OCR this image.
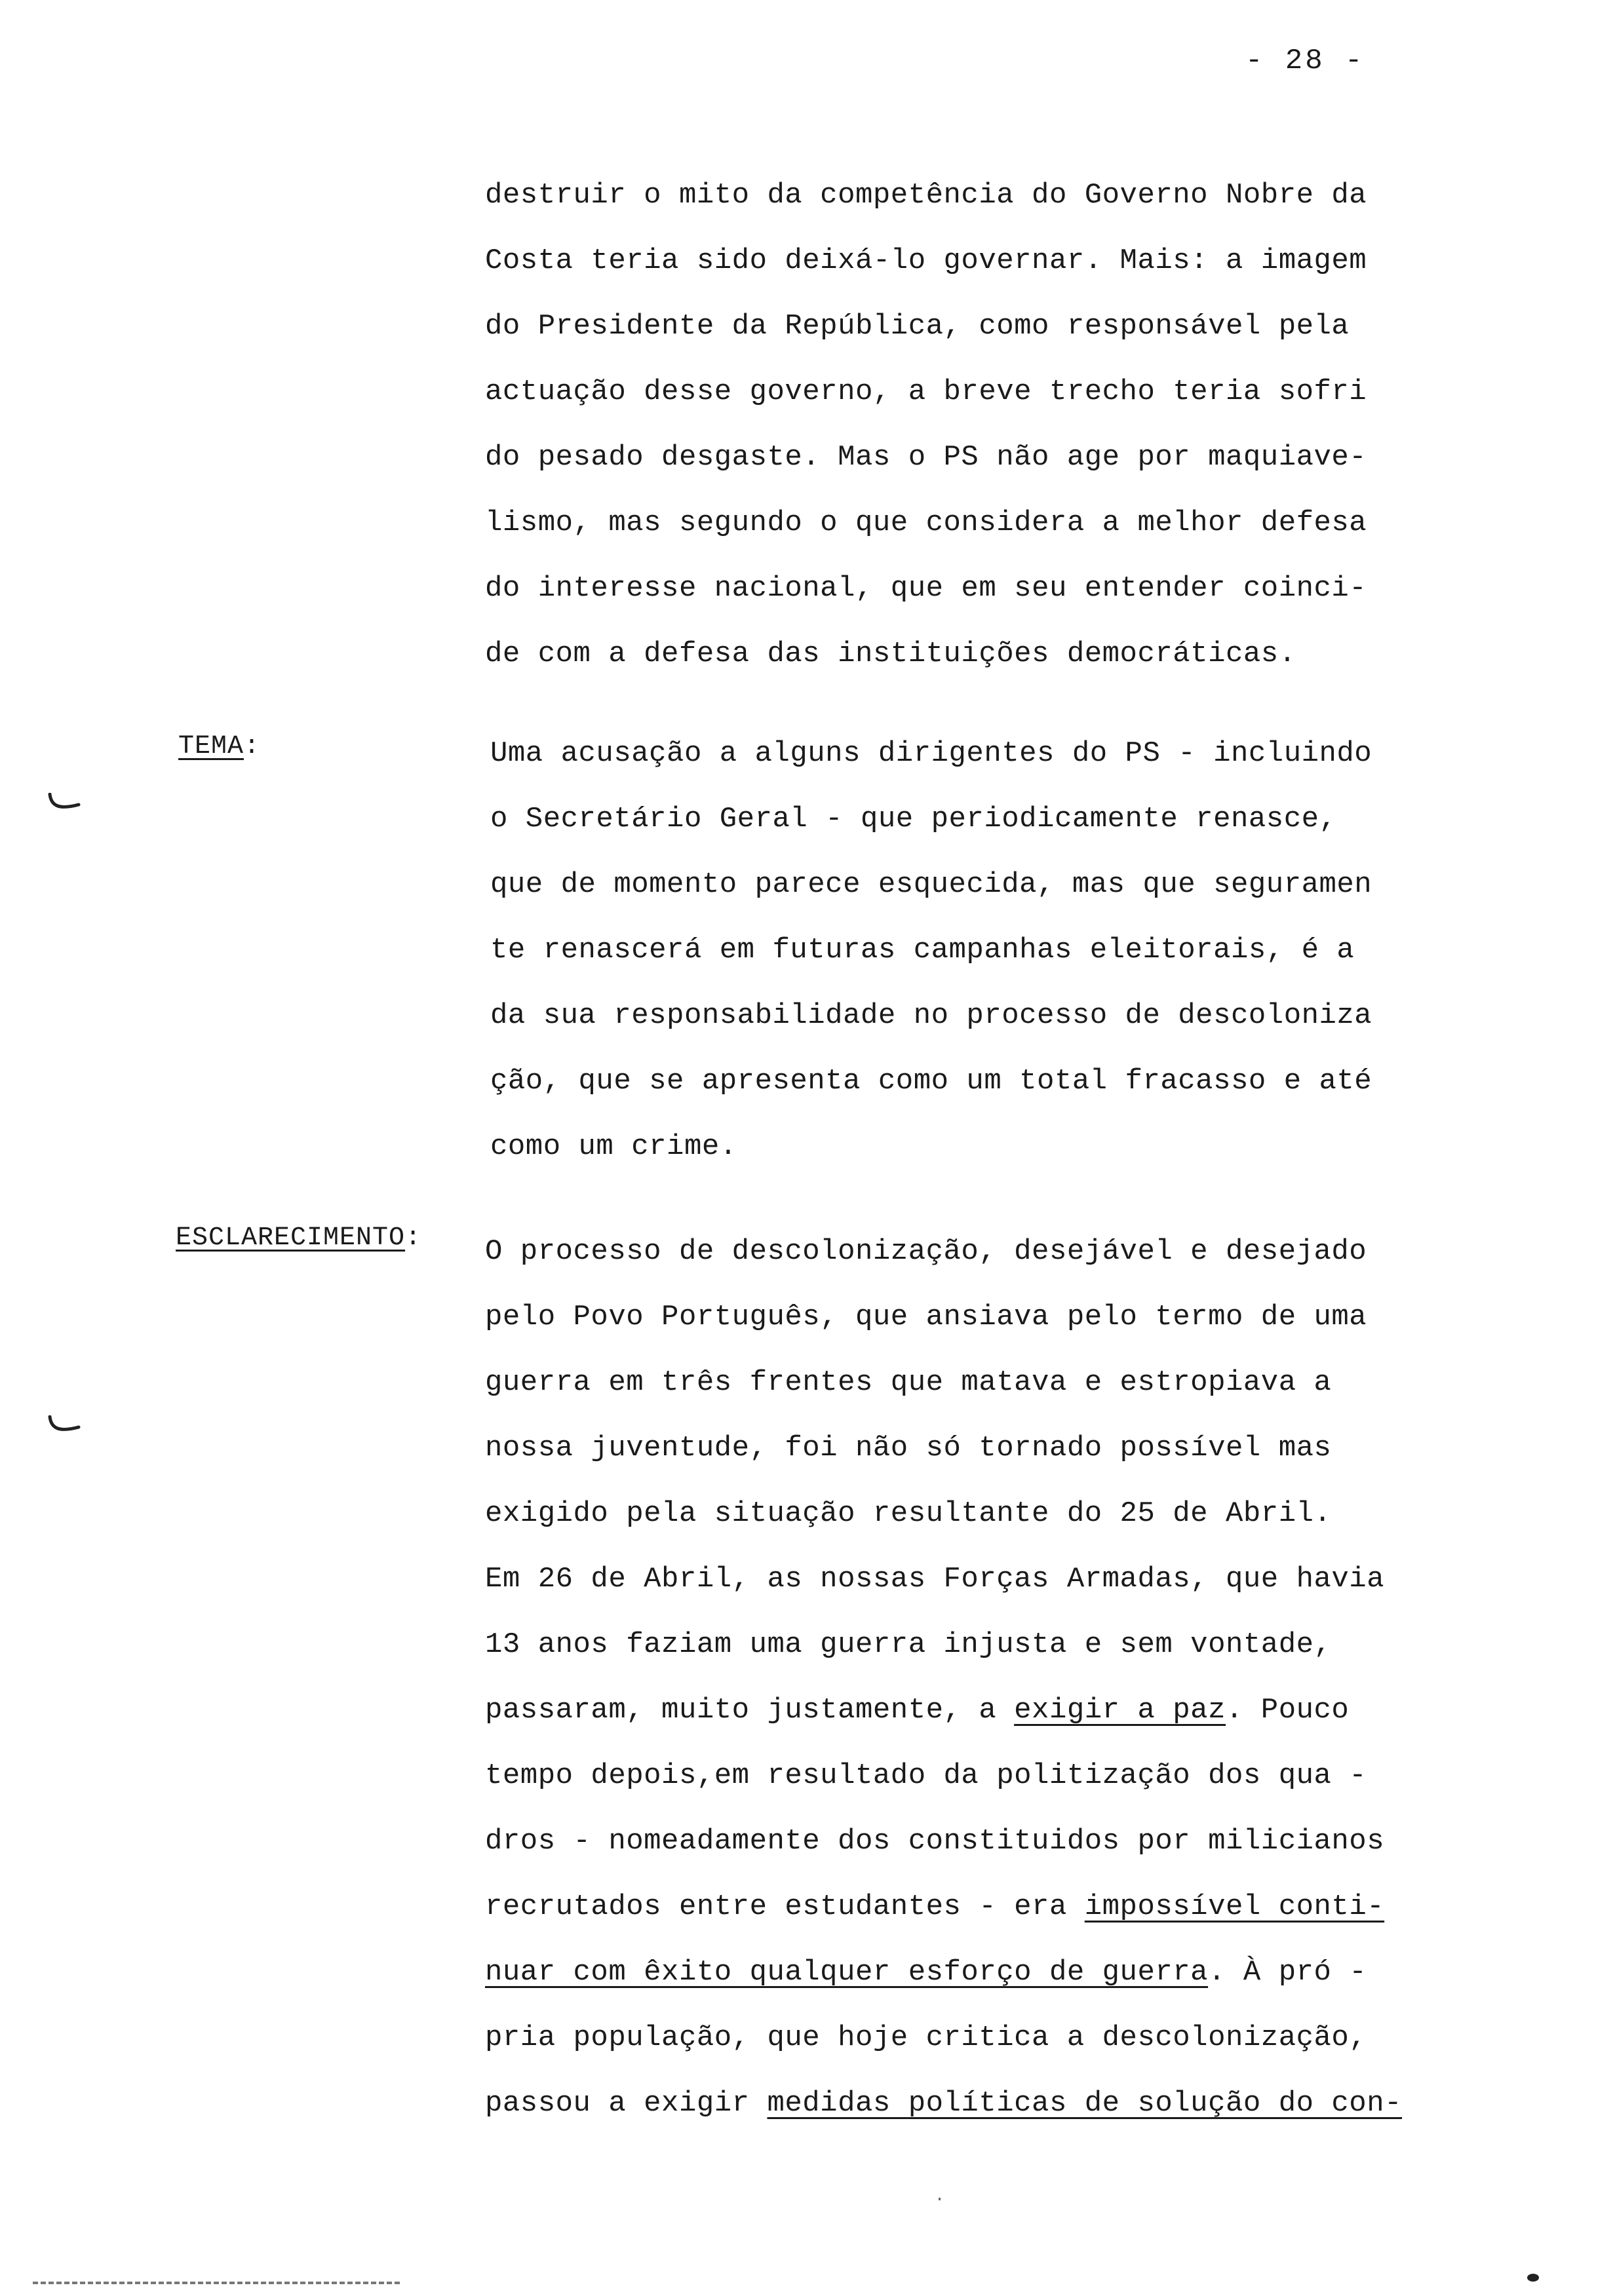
- 28 -
destruir o mito da competência do Governo Nobre da
Costa teria sido deixá-lo governar. Mais: a imagem
do Presidente da República, como responsável pela
actuação desse governo, a breve trecho teria sofri
do pesado desgaste. Mas o PS não age por maquiave-
lismo, mas segundo o que considera a melhor defesa
do interesse nacional, que em seu entender coinci-
de com a defesa das instituições democráticas.
TEMA:	Uma acusação a alguns dirigentes do PS - incluindo
o Secretário Geral - que periodicamente renasce,
que de momento parece esquecida, mas que seguramen
te renascerá em futuras campanhas eleitorais, é a
da sua responsabilidade no processo de descoloniza
ção, que se apresenta como um total fracasso e até
como um crime.
ESCLARECIMENTO: O processo de descolonização, desejável e desejado
pelo Povo Português, que ansiava pelo termo de uma
guerra em três frentes que matava e estropiava a
nossa juventude, foi não só tornado possível mas
exigido pela situação resultante do 25 de Abril.
Em 26 de Abril, as nossas Forças Armadas, que havia
13 anos faziam uma guerra injusta e sem vontade,
passaram, muito justamente, a exigir a paz. Pouco
tempo depois,em resultado da politização dos qua -
dros - nomeadamente dos constituidos por milicianos
recrutados entre estudantes - era impossível conti-
nuar com êxito qualquer esforço de guerra. À pró -
pria população, que hoje critica a descolonização,
passou a exigir medidas políticas de solução do con-
